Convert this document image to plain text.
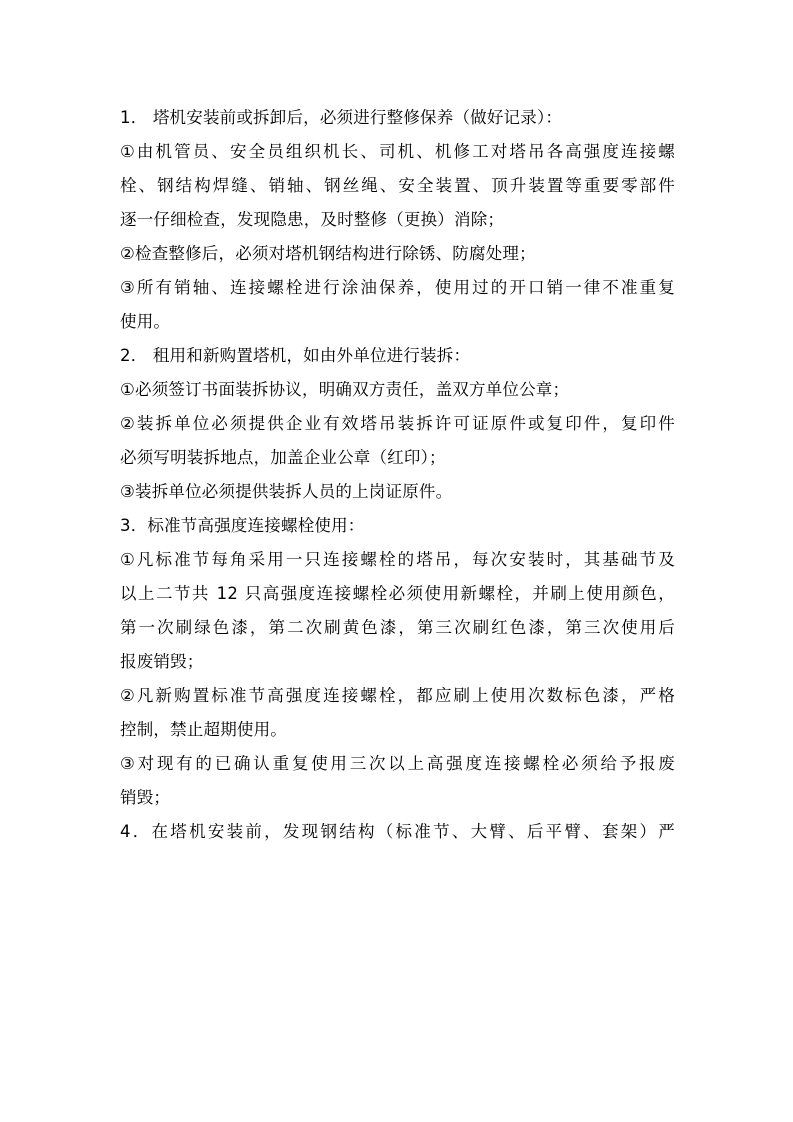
1． 塔机安装前或拆卸后，必须进行整修保养（做好记录）：
①由机管员、安全员组织机长、司机、机修工对塔吊各高强度连接螺
栓、钢结构焊缝、销轴、钢丝绳、安全装置、顶升装置等重要零部件
逐一仔细检查，发现隐患，及时整修（更换）消除；
②检查整修后，必须对塔机钢结构进行除锈、防腐处理；
③所有销轴、连接螺栓进行涂油保养，使用过的开口销一律不准重复
使用。
2． 租用和新购置塔机，如由外单位进行装拆：
①必须签订书面装拆协议，明确双方责任，盖双方单位公章；
②装拆单位必须提供企业有效塔吊装拆许可证原件或复印件，复印件
必须写明装拆地点，加盖企业公章（红印）；
③装拆单位必须提供装拆人员的上岗证原件。
3．标准节高强度连接螺栓使用：
①凡标准节每角采用一只连接螺栓的塔吊，每次安装时，其基础节及
以上二节共 12 只高强度连接螺栓必须使用新螺栓，并刷上使用颜色，
第一次刷绿色漆，第二次刷黄色漆，第三次刷红色漆，第三次使用后
报废销毁；
②凡新购置标准节高强度连接螺栓，都应刷上使用次数标色漆，严格
控制，禁止超期使用。
③对现有的已确认重复使用三次以上高强度连接螺栓必须给予报废
销毁；
4．在塔机安装前，发现钢结构（标准节、大臂、后平臂、套架）严
